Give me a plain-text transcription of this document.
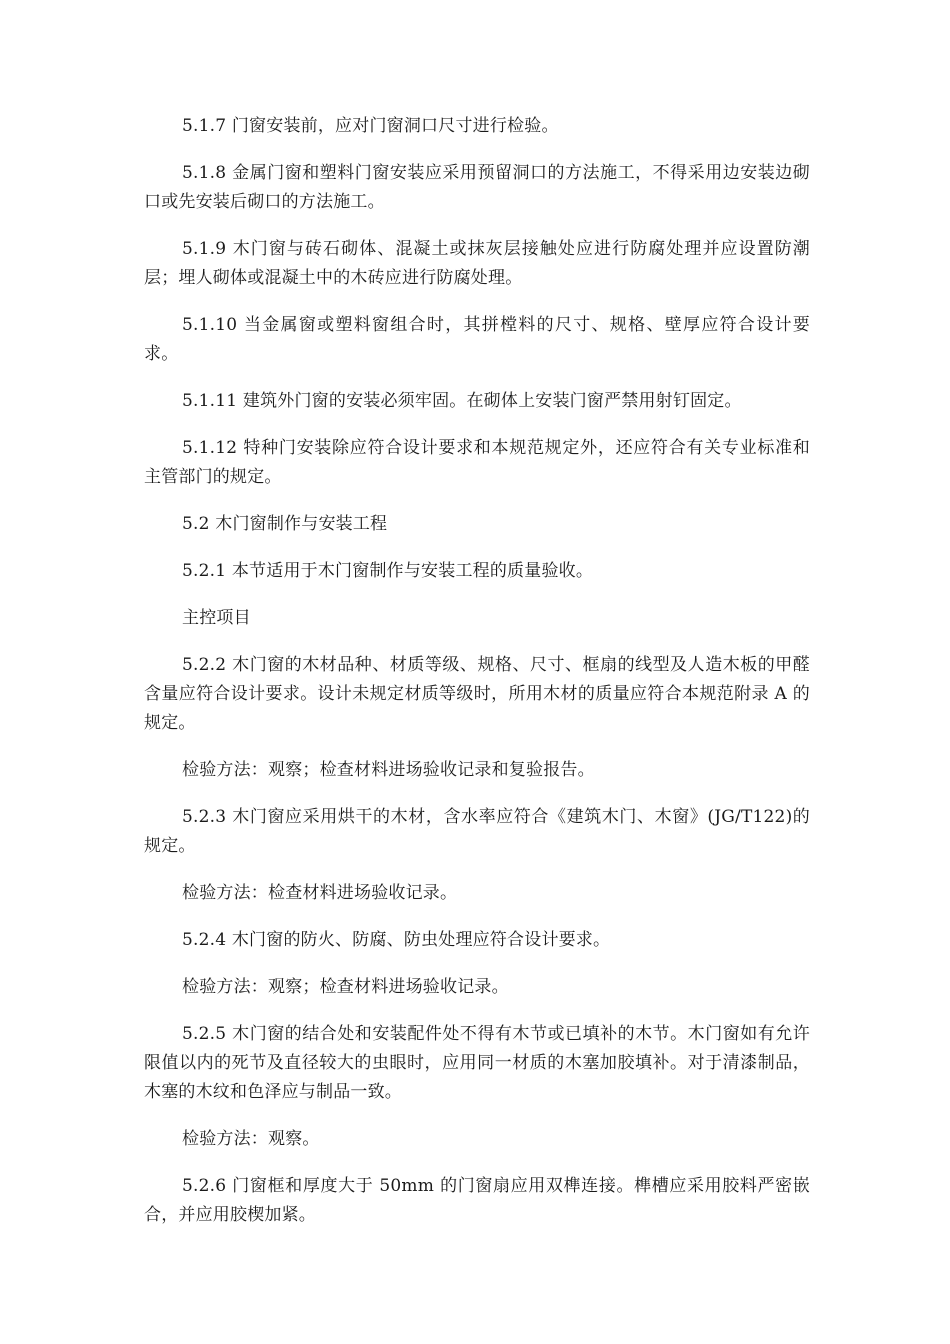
5.1.7 门窗安装前，应对门窗洞口尺寸进行检验。

5.1.8 金属门窗和塑料门窗安装应采用预留洞口的方法施工，不得采用边安装边砌口或先安装后砌口的方法施工。

5.1.9 木门窗与砖石砌体、混凝土或抹灰层接触处应进行防腐处理并应设置防潮层；埋人砌体或混凝土中的木砖应进行防腐处理。

5.1.10 当金属窗或塑料窗组合时，其拼樘料的尺寸、规格、壁厚应符合设计要求。

5.1.11 建筑外门窗的安装必须牢固。在砌体上安装门窗严禁用射钉固定。

5.1.12 特种门安装除应符合设计要求和本规范规定外，还应符合有关专业标准和主管部门的规定。

5.2 木门窗制作与安装工程

5.2.1 本节适用于木门窗制作与安装工程的质量验收。

主控项目

5.2.2 木门窗的木材品种、材质等级、规格、尺寸、框扇的线型及人造木板的甲醛含量应符合设计要求。设计未规定材质等级时，所用木材的质量应符合本规范附录 A 的规定。

检验方法：观察；检查材料进场验收记录和复验报告。

5.2.3 木门窗应采用烘干的木材，含水率应符合《建筑木门、木窗》(JG/T122)的规定。

检验方法：检查材料进场验收记录。

5.2.4 木门窗的防火、防腐、防虫处理应符合设计要求。

检验方法：观察；检查材料进场验收记录。

5.2.5 木门窗的结合处和安装配件处不得有木节或已填补的木节。木门窗如有允许限值以内的死节及直径较大的虫眼时，应用同一材质的木塞加胶填补。对于清漆制品，木塞的木纹和色泽应与制品一致。

检验方法：观察。

5.2.6 门窗框和厚度大于 50mm 的门窗扇应用双榫连接。榫槽应采用胶料严密嵌合，并应用胶楔加紧。
